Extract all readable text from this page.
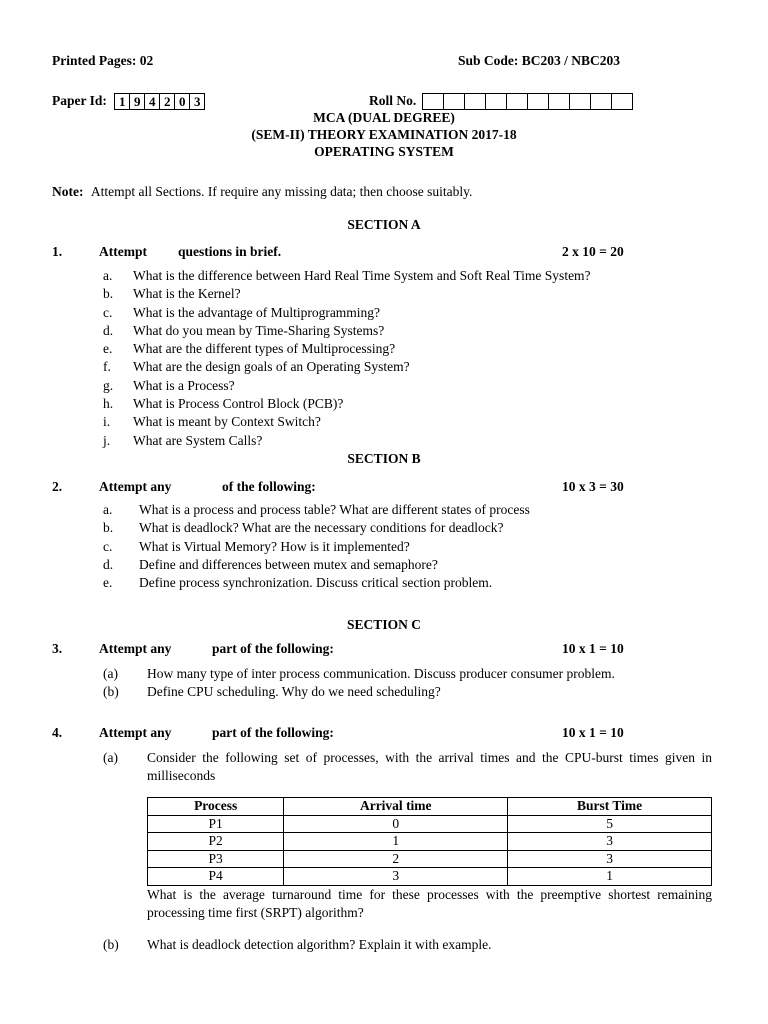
Printed Pages: 02	Sub Code: BC203 / NBC203
Paper Id: 1 9 4 2 0 3	Roll No.
MCA (DUAL DEGREE)
(SEM-II) THEORY EXAMINATION 2017-18
OPERATING SYSTEM
Note: Attempt all Sections. If require any missing data; then choose suitably.
SECTION A
1.	Attempt questions in brief.	2 x 10 = 20
a.	What is the difference between Hard Real Time System and Soft Real Time System?
b.	What is the Kernel?
c.	What is the advantage of Multiprogramming?
d.	What do you mean by Time-Sharing Systems?
e.	What are the different types of Multiprocessing?
f.	What are the design goals of an Operating System?
g.	What is a Process?
h.	What is Process Control Block (PCB)?
i.	What is meant by Context Switch?
j.	What are System Calls?
SECTION B
2.	Attempt any	of the following:	10 x 3 = 30
a.	What is a process and process table? What are different states of process
b.	What is deadlock? What are the necessary conditions for deadlock?
c.	What is Virtual Memory? How is it implemented?
d.	Define and differences between mutex and semaphore?
e.	Define process synchronization. Discuss critical section problem.
SECTION C
3.	Attempt any	part of the following:	10 x 1 = 10
(a)	How many type of inter process communication. Discuss producer consumer problem.
(b)	Define CPU scheduling. Why do we need scheduling?
4.	Attempt any	part of the following:	10 x 1 = 10
(a) Consider the following set of processes, with the arrival times and the CPU-burst times given in milliseconds
Process	Arrival time	Burst Time
P1	0	5
P2	1	3
P3	2	3
P4	3	1
What is the average turnaround time for these processes with the preemptive shortest remaining processing time first (SRPT) algorithm?
(b) What is deadlock detection algorithm? Explain it with example.
